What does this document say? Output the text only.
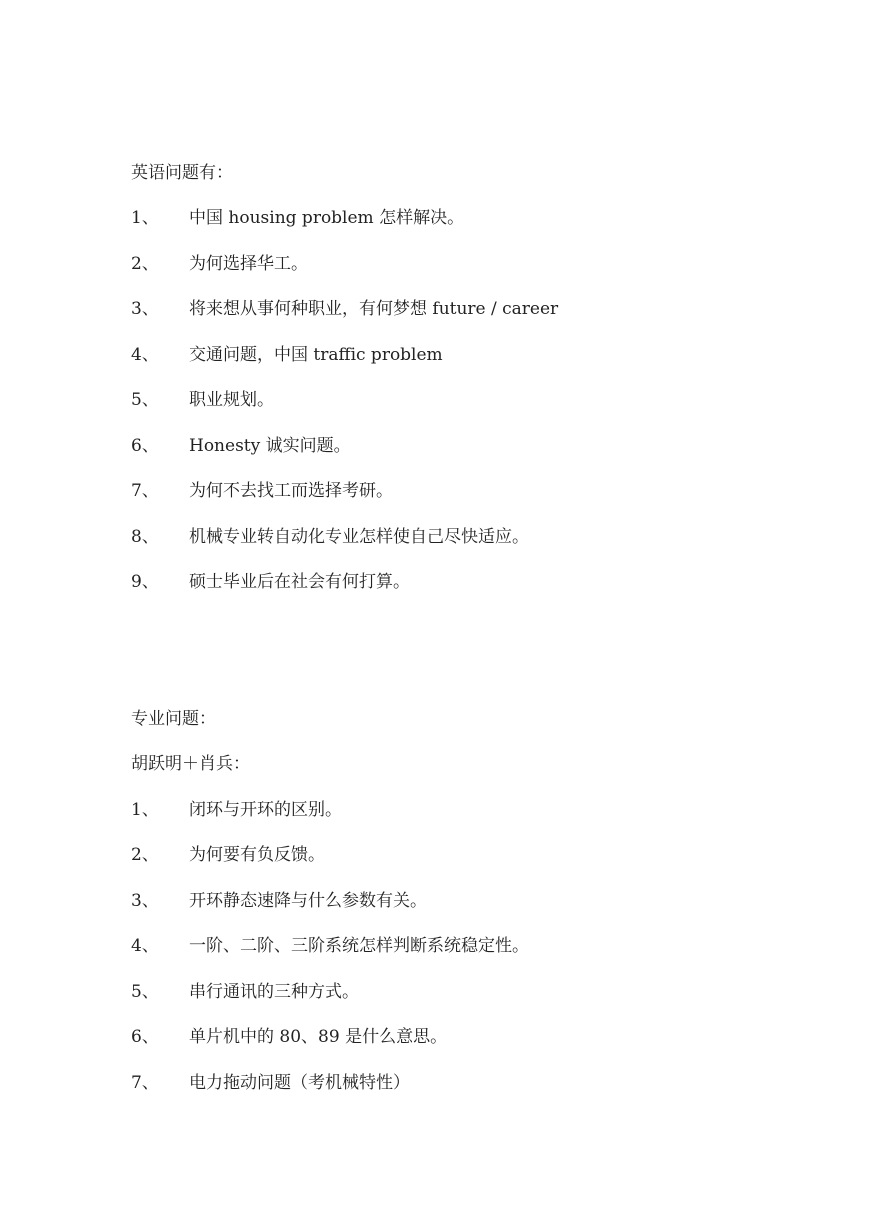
英语问题有：
1、 中国 housing problem 怎样解决。
2、 为何选择华工。
3、 将来想从事何种职业，有何梦想 future / career
4、 交通问题，中国 traffic problem
5、 职业规划。
6、 Honesty 诚实问题。
7、 为何不去找工而选择考研。
8、 机械专业转自动化专业怎样使自己尽快适应。
9、 硕士毕业后在社会有何打算。
专业问题：
胡跃明＋肖兵：
1、 闭环与开环的区别。
2、 为何要有负反馈。
3、 开环静态速降与什么参数有关。
4、 一阶、二阶、三阶系统怎样判断系统稳定性。
5、 串行通讯的三种方式。
6、 单片机中的 80、89 是什么意思。
7、 电力拖动问题（考机械特性）
